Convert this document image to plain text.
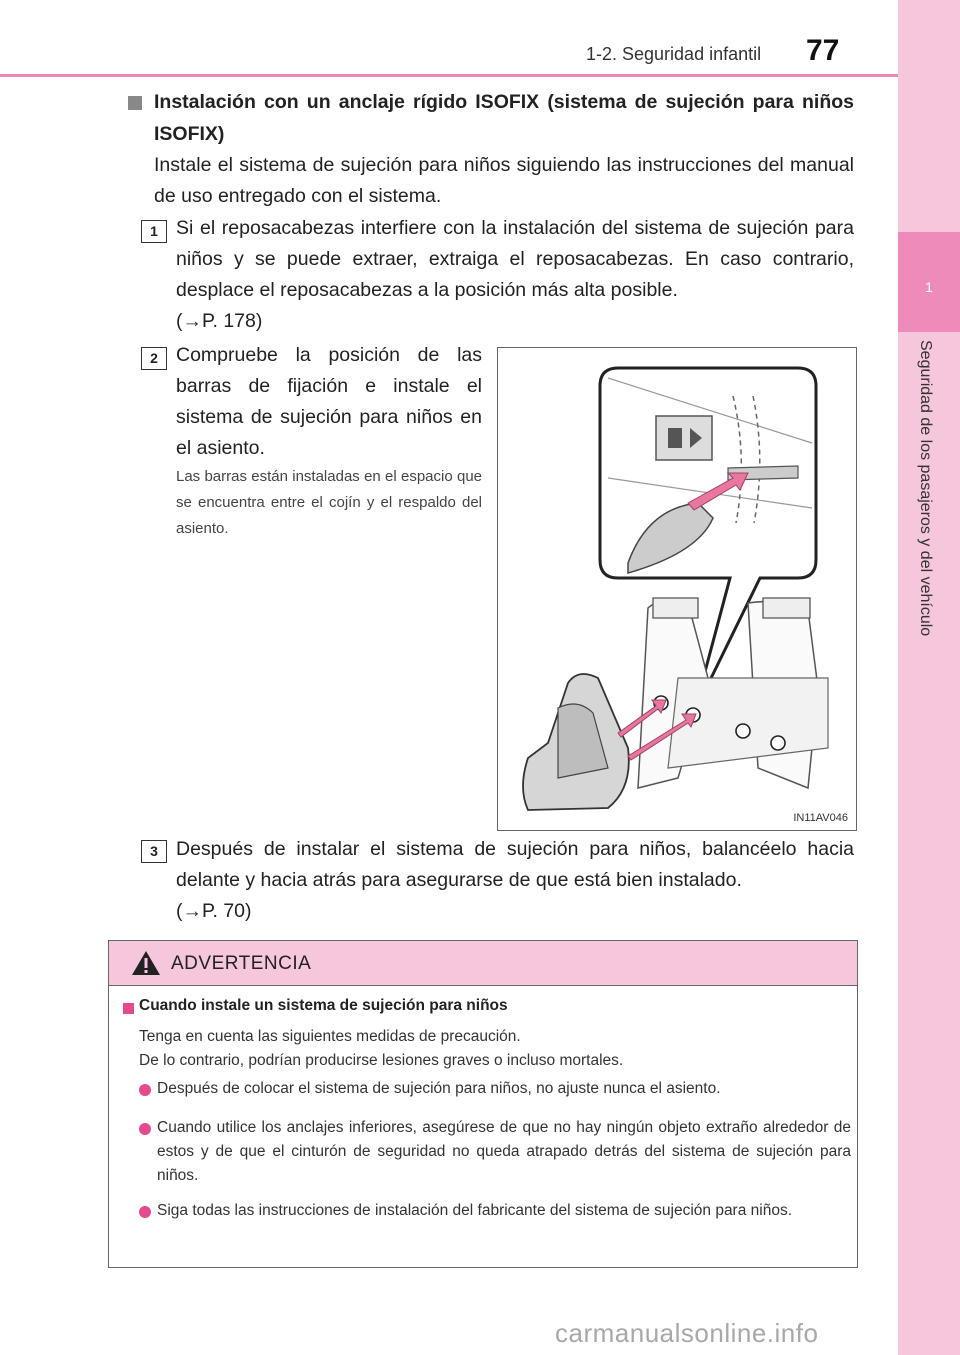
1-2. Seguridad infantil 77
1
Seguridad de los pasajeros y del vehículo
Instalación con un anclaje rígido ISOFIX (sistema de sujeción para niños ISOFIX)
Instale el sistema de sujeción para niños siguiendo las instrucciones del manual de uso entregado con el sistema.
1 Si el reposacabezas interfiere con la instalación del sistema de sujeción para niños y se puede extraer, extraiga el reposacabezas. En caso contrario, desplace el reposacabezas a la posición más alta posible.
(→P. 178)
2 Compruebe la posición de las barras de fijación e instale el sistema de sujeción para niños en el asiento.
Las barras están instaladas en el espacio que se encuentra entre el cojín y el respaldo del asiento.
IN11AV046
3 Después de instalar el sistema de sujeción para niños, balancéelo hacia delante y hacia atrás para asegurarse de que está bien instalado.
(→P. 70)
ADVERTENCIA
Cuando instale un sistema de sujeción para niños
Tenga en cuenta las siguientes medidas de precaución.
De lo contrario, podrían producirse lesiones graves o incluso mortales.
Después de colocar el sistema de sujeción para niños, no ajuste nunca el asiento.
Cuando utilice los anclajes inferiores, asegúrese de que no hay ningún objeto extraño alrededor de estos y de que el cinturón de seguridad no queda atrapado detrás del sistema de sujeción para niños.
Siga todas las instrucciones de instalación del fabricante del sistema de sujeción para niños.
carmanualsonline.info
